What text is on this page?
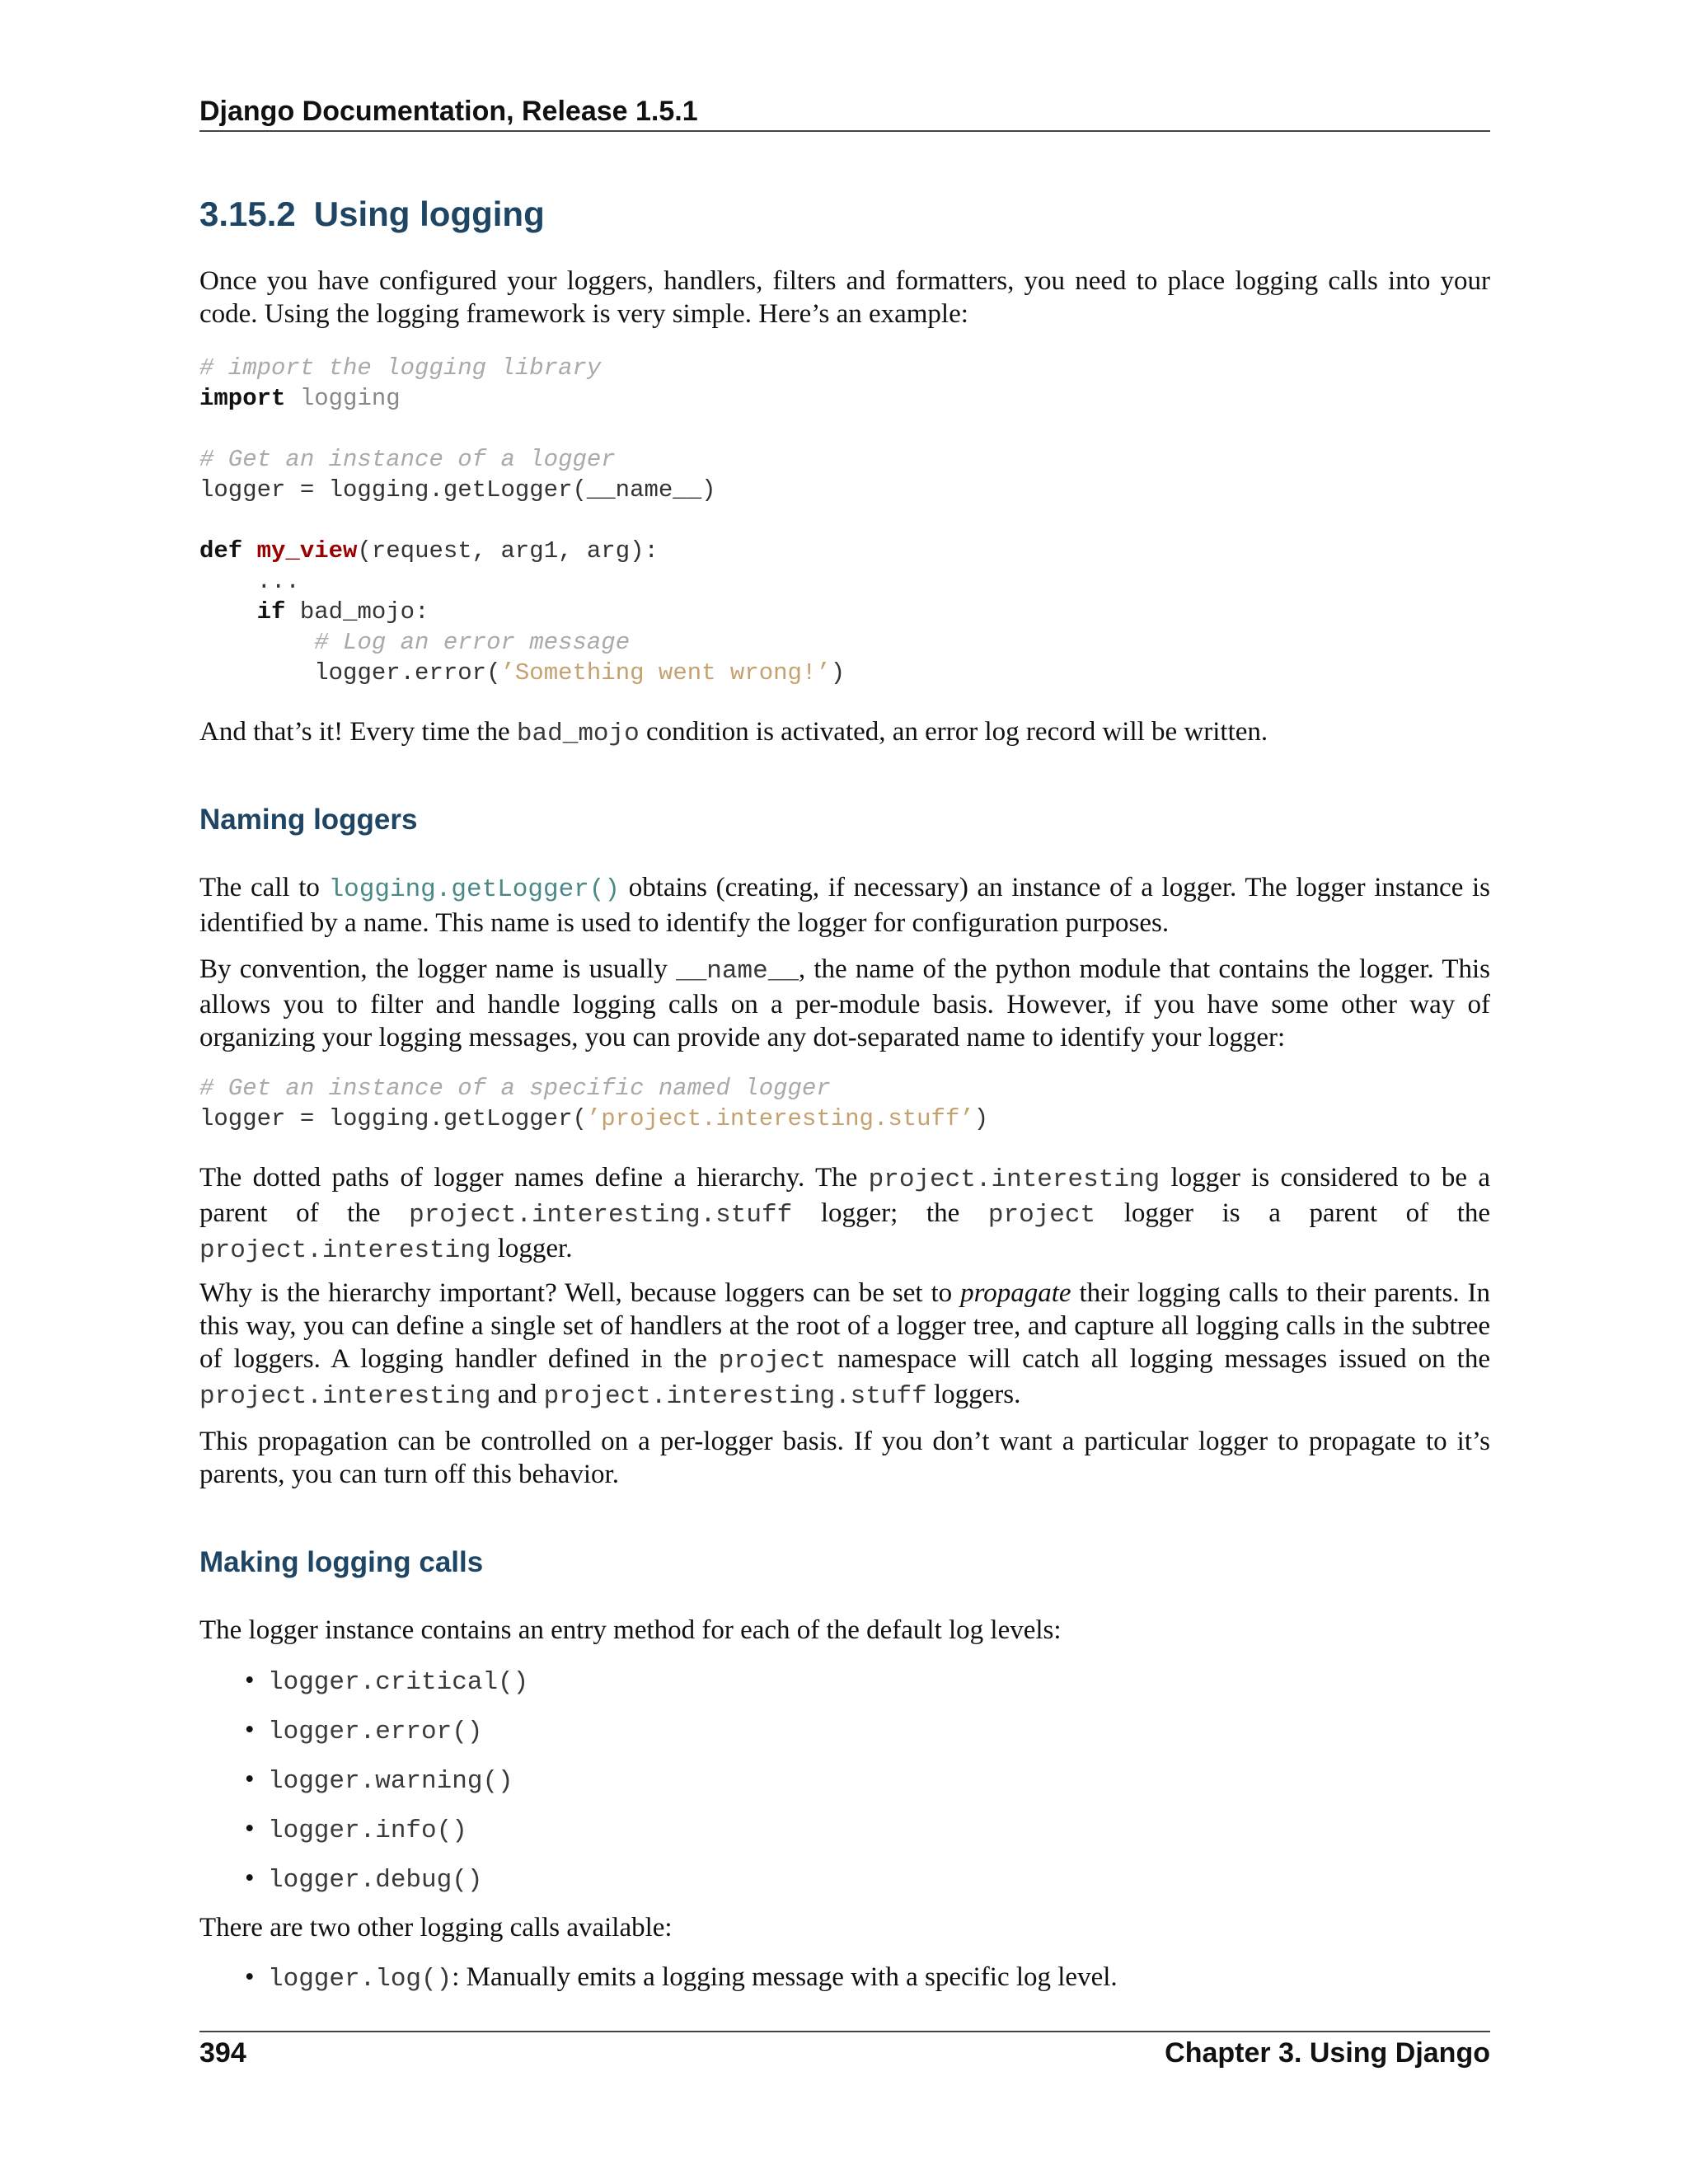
Django Documentation, Release 1.5.1
3.15.2 Using logging

Once you have configured your loggers, handlers, filters and formatters, you need to place logging calls into your code. Using the logging framework is very simple. Here’s an example:

# import the logging library
import logging

# Get an instance of a logger
logger = logging.getLogger(__name__)

def my_view(request, arg1, arg):
...
if bad_mojo:
# Log an error message
logger.error(’Something went wrong!’)

And that’s it! Every time the bad_mojo condition is activated, an error log record will be written.

Naming loggers

The call to logging.getLogger() obtains (creating, if necessary) an instance of a logger. The logger instance is identified by a name. This name is used to identify the logger for configuration purposes.

By convention, the logger name is usually __name__, the name of the python module that contains the logger. This allows you to filter and handle logging calls on a per-module basis. However, if you have some other way of organizing your logging messages, you can provide any dot-separated name to identify your logger:

# Get an instance of a specific named logger
logger = logging.getLogger(’project.interesting.stuff’)

The dotted paths of logger names define a hierarchy. The project.interesting logger is considered to be a parent of the project.interesting.stuff logger; the project logger is a parent of the project.interesting logger.

Why is the hierarchy important? Well, because loggers can be set to propagate their logging calls to their parents. In this way, you can define a single set of handlers at the root of a logger tree, and capture all logging calls in the subtree of loggers. A logging handler defined in the project namespace will catch all logging messages issued on the project.interesting and project.interesting.stuff loggers.

This propagation can be controlled on a per-logger basis. If you don’t want a particular logger to propagate to it’s parents, you can turn off this behavior.

Making logging calls

The logger instance contains an entry method for each of the default log levels:

• logger.critical()
• logger.error()
• logger.warning()
• logger.info()
• logger.debug()

There are two other logging calls available:

• logger.log(): Manually emits a logging message with a specific log level.
394	Chapter 3. Using Django
